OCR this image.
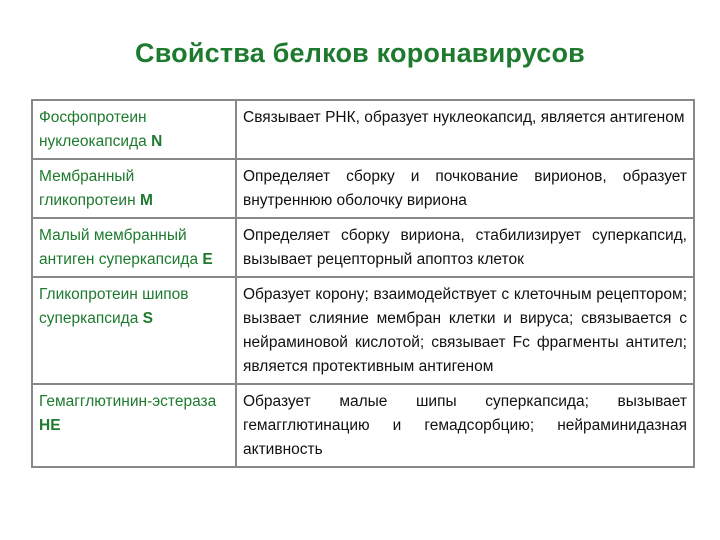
Свойства белков коронавирусов
Фосфопротеин нуклеокапсида N	Связывает РНК, образует нуклеокапсид, является антигеном
Мембранный гликопротеин M	Определяет сборку и почкование вирионов, образует внутреннюю оболочку вириона
Малый мембранный антиген суперкапсида E	Определяет сборку вириона, стабилизирует суперкапсид, вызывает рецепторный апоптоз клеток
Гликопротеин шипов суперкапсида S	Образует корону; взаимодействует с клеточным рецептором; вызвает слияние мембран клетки и вируса; связывается с нейраминовой кислотой; связывает Fc фрагменты антител; является протективным антигеном
Гемагглютинин-эстераза HE	Образует малые шипы суперкапсида; вызывает гемагглютинацию и гемадсорбцию; нейраминидазная активность
